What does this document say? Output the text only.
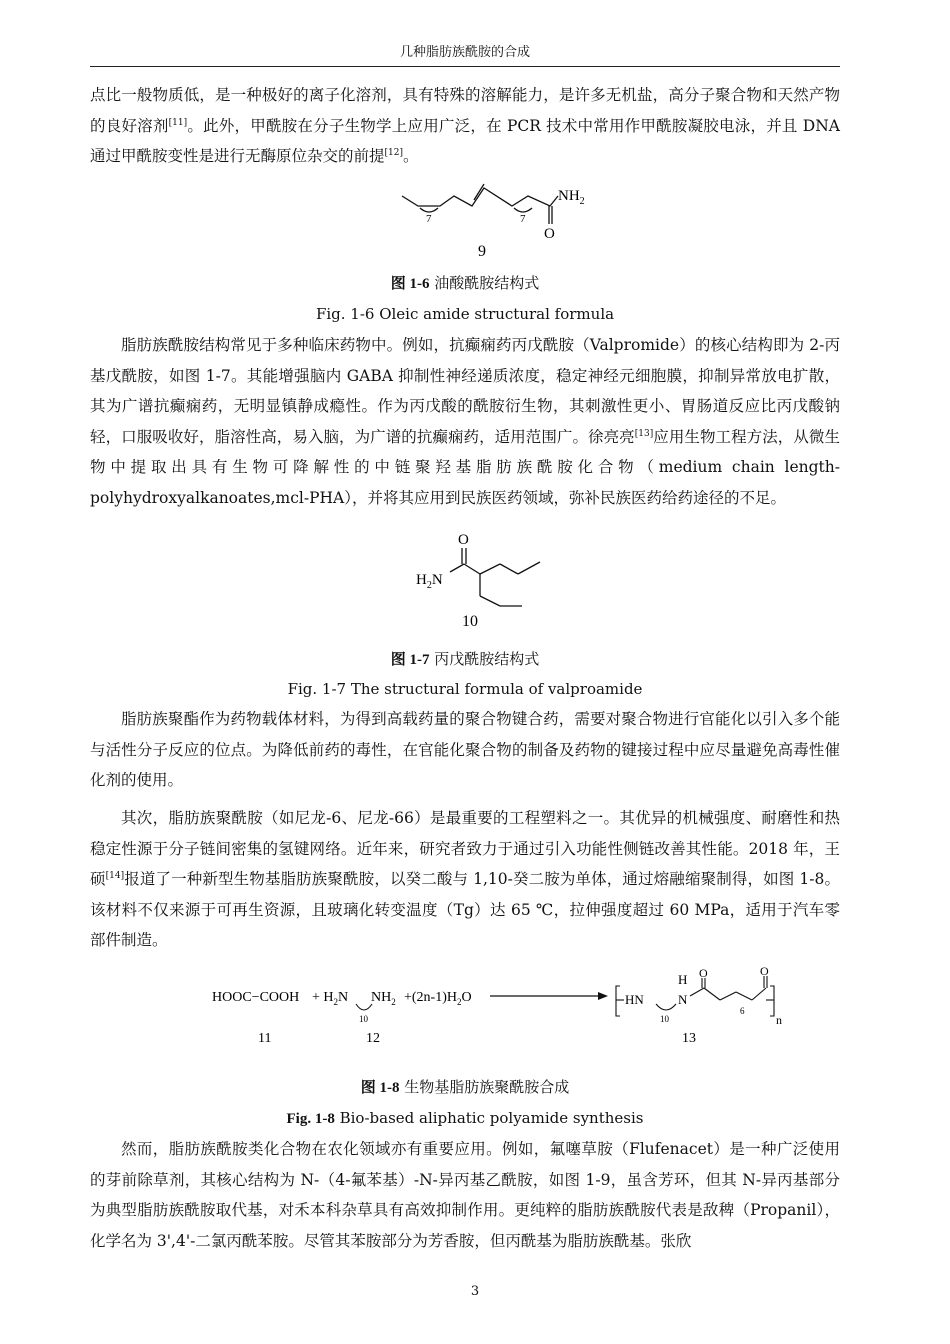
几种脂肪族酰胺的合成

点比一般物质低，是一种极好的离子化溶剂，具有特殊的溶解能力，是许多无机盐，高分子聚合物和天然产物的良好溶剂[11]。此外，甲酰胺在分子生物学上应用广泛，在 PCR 技术中常用作甲酰胺凝胶电泳，并且 DNA 通过甲酰胺变性是进行无酶原位杂交的前提[12]。

7	7
$NH_2$
O
9
图 1-6 油酸酰胺结构式
Fig. 1-6 Oleic amide structural formula

脂肪族酰胺结构常见于多种临床药物中。例如，抗癫痫药丙戊酰胺（Valpromide）的核心结构即为 2-丙基戊酰胺，如图 1-7。其能增强脑内 GABA 抑制性神经递质浓度，稳定神经元细胞膜，抑制异常放电扩散，其为广谱抗癫痫药，无明显镇静成瘾性。作为丙戊酸的酰胺衍生物，其刺激性更小、胃肠道反应比丙戊酸钠轻，口服吸收好，脂溶性高，易入脑，为广谱的抗癫痫药，适用范围广。徐亮亮[13]应用生物工程方法，从微生物中提取出具有生物可降解性的中链聚羟基脂肪族酰胺化合物（medium chain length-polyhydroxyalkanoates,mcl-PHA），并将其应用到民族医药领域，弥补民族医药给药途径的不足。

O
$H_2N$
10
图 1-7 丙戊酰胺结构式
Fig. 1-7 The structural formula of valproamide

脂肪族聚酯作为药物载体材料，为得到高载药量的聚合物键合药，需要对聚合物进行官能化以引入多个能与活性分子反应的位点。为降低前药的毒性，在官能化聚合物的制备及药物的键接过程中应尽量避免高毒性催化剂的使用。

其次，脂肪族聚酰胺（如尼龙-6、尼龙-66）是最重要的工程塑料之一。其优异的机械强度、耐磨性和热稳定性源于分子链间密集的氢键网络。近年来，研究者致力于通过引入功能性侧链改善其性能。2018 年，王硕[14]报道了一种新型生物基脂肪族聚酰胺，以癸二酸与 1,10-癸二胺为单体，通过熔融缩聚制得，如图 1-8。该材料不仅来源于可再生资源，且玻璃化转变温度（Tg）达 65 ℃，拉伸强度超过 60 MPa，适用于汽车零部件制造。

HOOC−COOH + $H_2N$ $NH_2$
10
$+(2n-1)H_2O$	HN	N
H O	O
10
6
n
11	12	13
图 1-8 生物基脂肪族聚酰胺合成
Fig. 1-8 Bio-based aliphatic polyamide synthesis

然而，脂肪族酰胺类化合物在农化领域亦有重要应用。例如，氟噻草胺（Flufenacet）是一种广泛使用的芽前除草剂，其核心结构为 N-（4-氟苯基）-N-异丙基乙酰胺，如图 1-9，虽含芳环，但其 N-异丙基部分为典型脂肪族酰胺取代基，对禾本科杂草具有高效抑制作用。更纯粹的脂肪族酰胺代表是敌稗（Propanil），化学名为 3',4'-二氯丙酰苯胺。尽管其苯胺部分为芳香胺，但丙酰基为脂肪族酰基。张欣

3
